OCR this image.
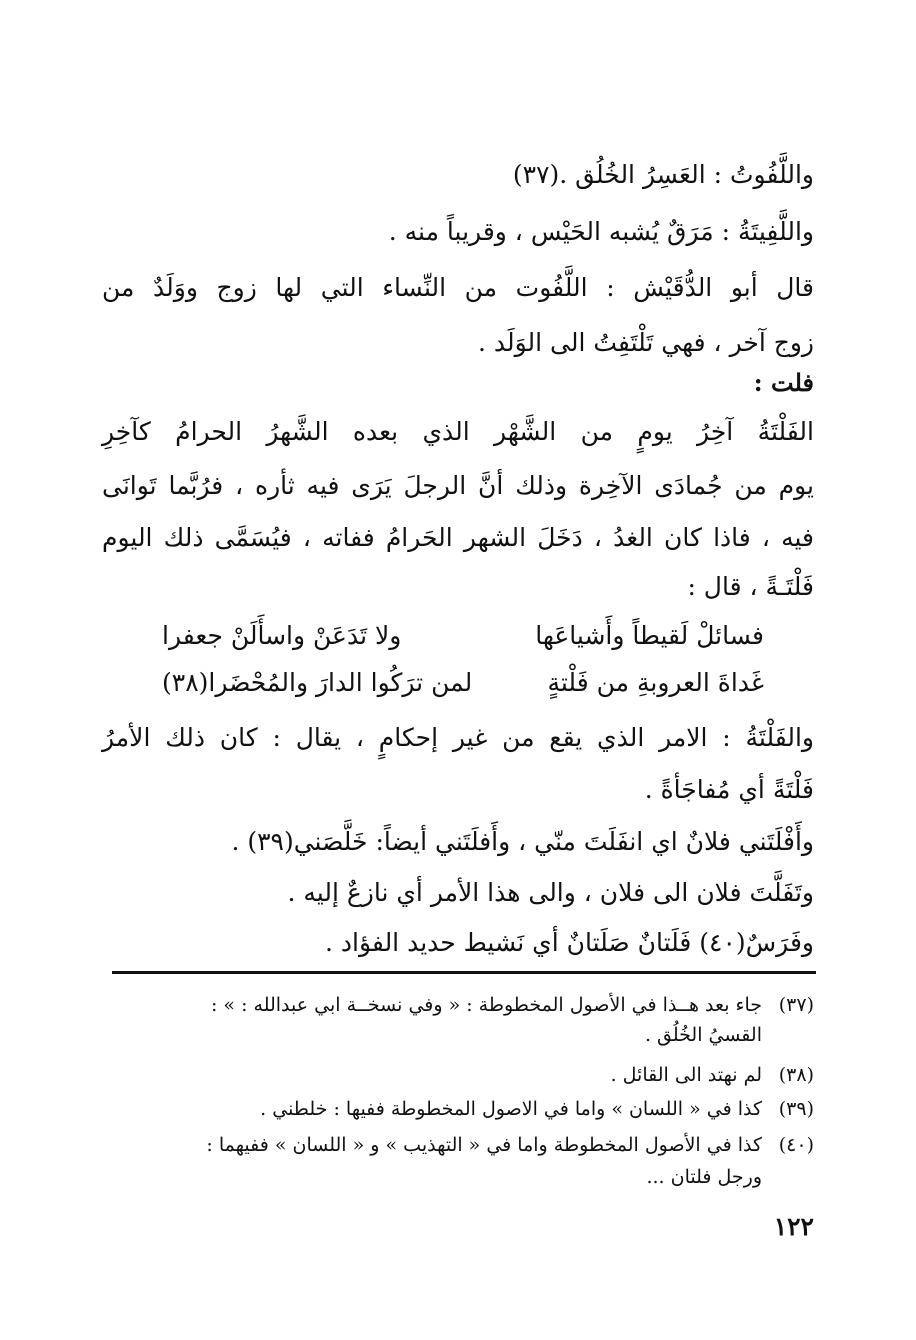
واللَّفُوتُ : العَسِرُ الخُلُق .(٣٧)
واللَّفِيتَةُ : مَرَقٌ يُشبه الحَيْس ، وقريباً منه .
قال أبو الدُّقَيْش : اللَّفُوت من النِّساء التي لها زوج ووَلَدٌ من
زوج آخر ، فهي تَلْتَفِتُ الى الوَلَد .
فلت :
الفَلْتَةُ آخِرُ يومٍ من الشَّهْر الذي بعده الشَّهرُ الحرامُ كآخِرِ
يوم من جُمادَى الآخِرة وذلك أنَّ الرجلَ يَرَى فيه ثأره ، فرُبَّما تَوانَى
فيه ، فاذا كان الغدُ ، دَخَلَ الشهر الحَرامُ ففاته ، فيُسَمَّى ذلك اليوم
فَلْتَـةً ، قال :
فسائلْ لَقيطاً وأَشياعَها
ولا تَدَعَنْ واسأَلَنْ جعفرا
غَداةَ العروبةِ من فَلْتةٍ
لمن ترَكُوا الدارَ والمُحْضَرا(٣٨)
والفَلْتَةُ : الامر الذي يقع من غير إحكامٍ ، يقال : كان ذلك الأمرُ
فَلْتَةً أي مُفاجَأةً .
وأَفْلَتَني فلانٌ اي انفَلَتَ منّي ، وأَفلَتَني أيضاً: خَلَّصَني(٣٩) .
وتَفَلَّتَ فلان الى فلان ، والى هذا الأمر أي نازعٌ إليه .
وفَرَسٌ(٤٠) فَلَتانٌ صَلَتانٌ أي نَشيط حديد الفؤاد .
(٣٧)جاء بعد هــذا في الأصول المخطوطة : « وفي نسخــة ابي عبدالله : » :
القسيُ الخُلُق .
(٣٨)لم نهتد الى القائل .
(٣٩)كذا في « اللسان » واما في الاصول المخطوطة ففيها : خلطني .
(٤٠)كذا في الأصول المخطوطة واما في « التهذيب » و « اللسان » ففيهما :
ورجل فلتان ...
١٢٢
